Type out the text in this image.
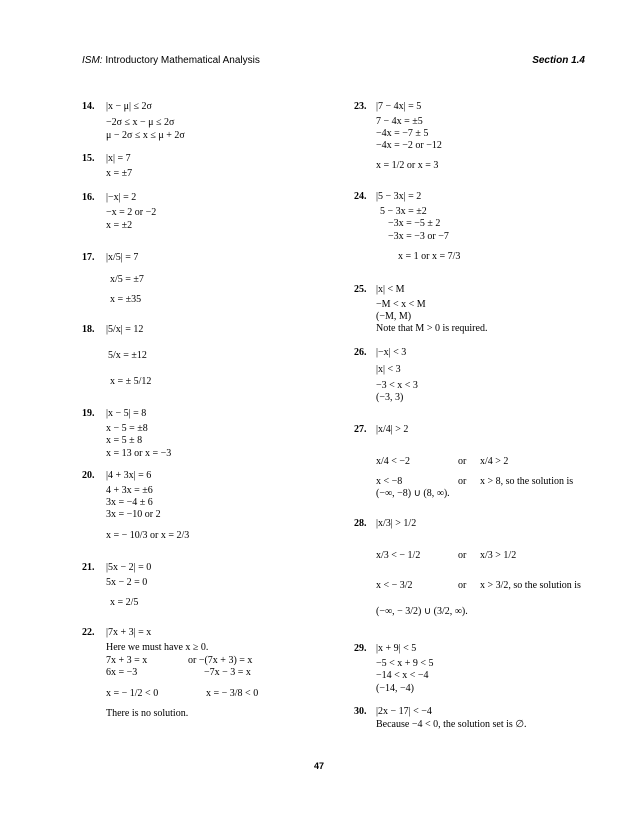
ISM: Introductory Mathematical Analysis	Section 1.4
14. |x − μ| ≤ 2σ
−2σ ≤ x − μ ≤ 2σ
μ − 2σ ≤ x ≤ μ + 2σ
15. |x| = 7
x = ±7
16. |−x| = 2
−x = 2 or −2
x = ±2
17. |x/5| = 7
x/5 = ±7
x = ±35
18. |5/x| = 12
5/x = ±12
x = ± 5/12
19. |x − 5| = 8
x − 5 = ±8
x = 5 ± 8
x = 13 or x = −3
20. |4 + 3x| = 6
4 + 3x = ±6
3x = −4 ± 6
3x = −10 or 2
x = − 10/3 or x = 2/3
21. |5x − 2| = 0
5x − 2 = 0
x = 2/5
22. |7x + 3| = x
Here we must have x ≥ 0.
7x + 3 = x	or −(7x + 3) = x
6x = −3	−7x − 3 = x
x = − 1/2 < 0	x = − 3/8 < 0
There is no solution.
23. |7 − 4x| = 5
7 − 4x = ±5
−4x = −7 ± 5
−4x = −2 or −12
x = 1/2 or x = 3
24. |5 − 3x| = 2
5 − 3x = ±2
−3x = −5 ± 2
−3x = −3 or −7
x = 1 or x = 7/3
25. |x| < M
−M < x < M
(−M, M)
Note that M > 0 is required.
26. |−x| < 3
|x| < 3
−3 < x < 3
(−3, 3)
27. |x/4| > 2
x/4 < −2	or x/4 > 2
x < −8	or x > 8, so the solution is
(−∞, −8) ∪ (8, ∞).
28. |x/3| > 1/2
x/3 < − 1/2	or x/3 > 1/2
x < − 3/2	or x > 3/2, so the solution is
(−∞, − 3/2) ∪ (3/2, ∞).
29. |x + 9| < 5
−5 < x + 9 < 5
−14 < x < −4
(−14, −4)
30. |2x − 17| < −4
Because −4 < 0, the solution set is ∅.
47
